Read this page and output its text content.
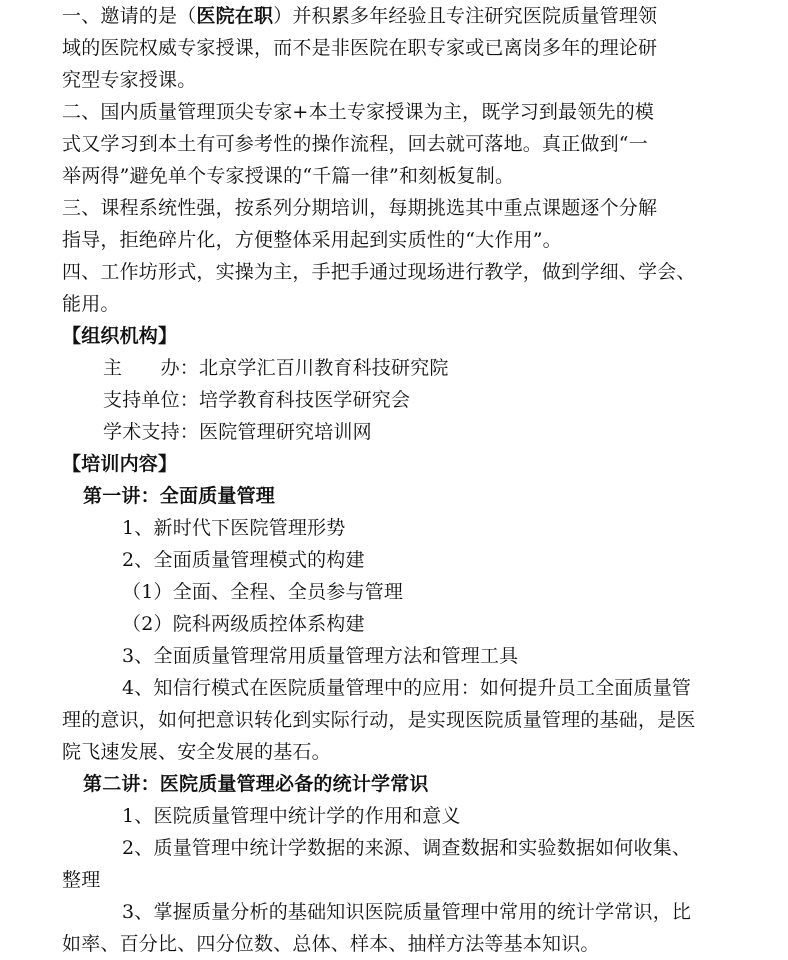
一、邀请的是（医院在职）并积累多年经验且专注研究医院质量管理领
域的医院权威专家授课，而不是非医院在职专家或已离岗多年的理论研
究型专家授课。
二、国内质量管理顶尖专家+本土专家授课为主，既学习到最领先的模
式又学习到本土有可参考性的操作流程，回去就可落地。真正做到“一
举两得”避免单个专家授课的“千篇一律”和刻板复制。
三、课程系统性强，按系列分期培训，每期挑选其中重点课题逐个分解
指导，拒绝碎片化，方便整体采用起到实质性的“大作用”。
四、工作坊形式，实操为主，手把手通过现场进行教学，做到学细、学会、
能用。
【组织机构】
主　　办：北京学汇百川教育科技研究院
支持单位：培学教育科技医学研究会
学术支持：医院管理研究培训网
【培训内容】
第一讲：全面质量管理
1、新时代下医院管理形势
2、全面质量管理模式的构建
（1）全面、全程、全员参与管理
（2）院科两级质控体系构建
3、全面质量管理常用质量管理方法和管理工具
4、知信行模式在医院质量管理中的应用：如何提升员工全面质量管
理的意识，如何把意识转化到实际行动，是实现医院质量管理的基础，是医
院飞速发展、安全发展的基石。
第二讲：医院质量管理必备的统计学常识
1、医院质量管理中统计学的作用和意义
2、质量管理中统计学数据的来源、调查数据和实验数据如何收集、
整理
3、掌握质量分析的基础知识医院质量管理中常用的统计学常识，比
如率、百分比、四分位数、总体、样本、抽样方法等基本知识。
